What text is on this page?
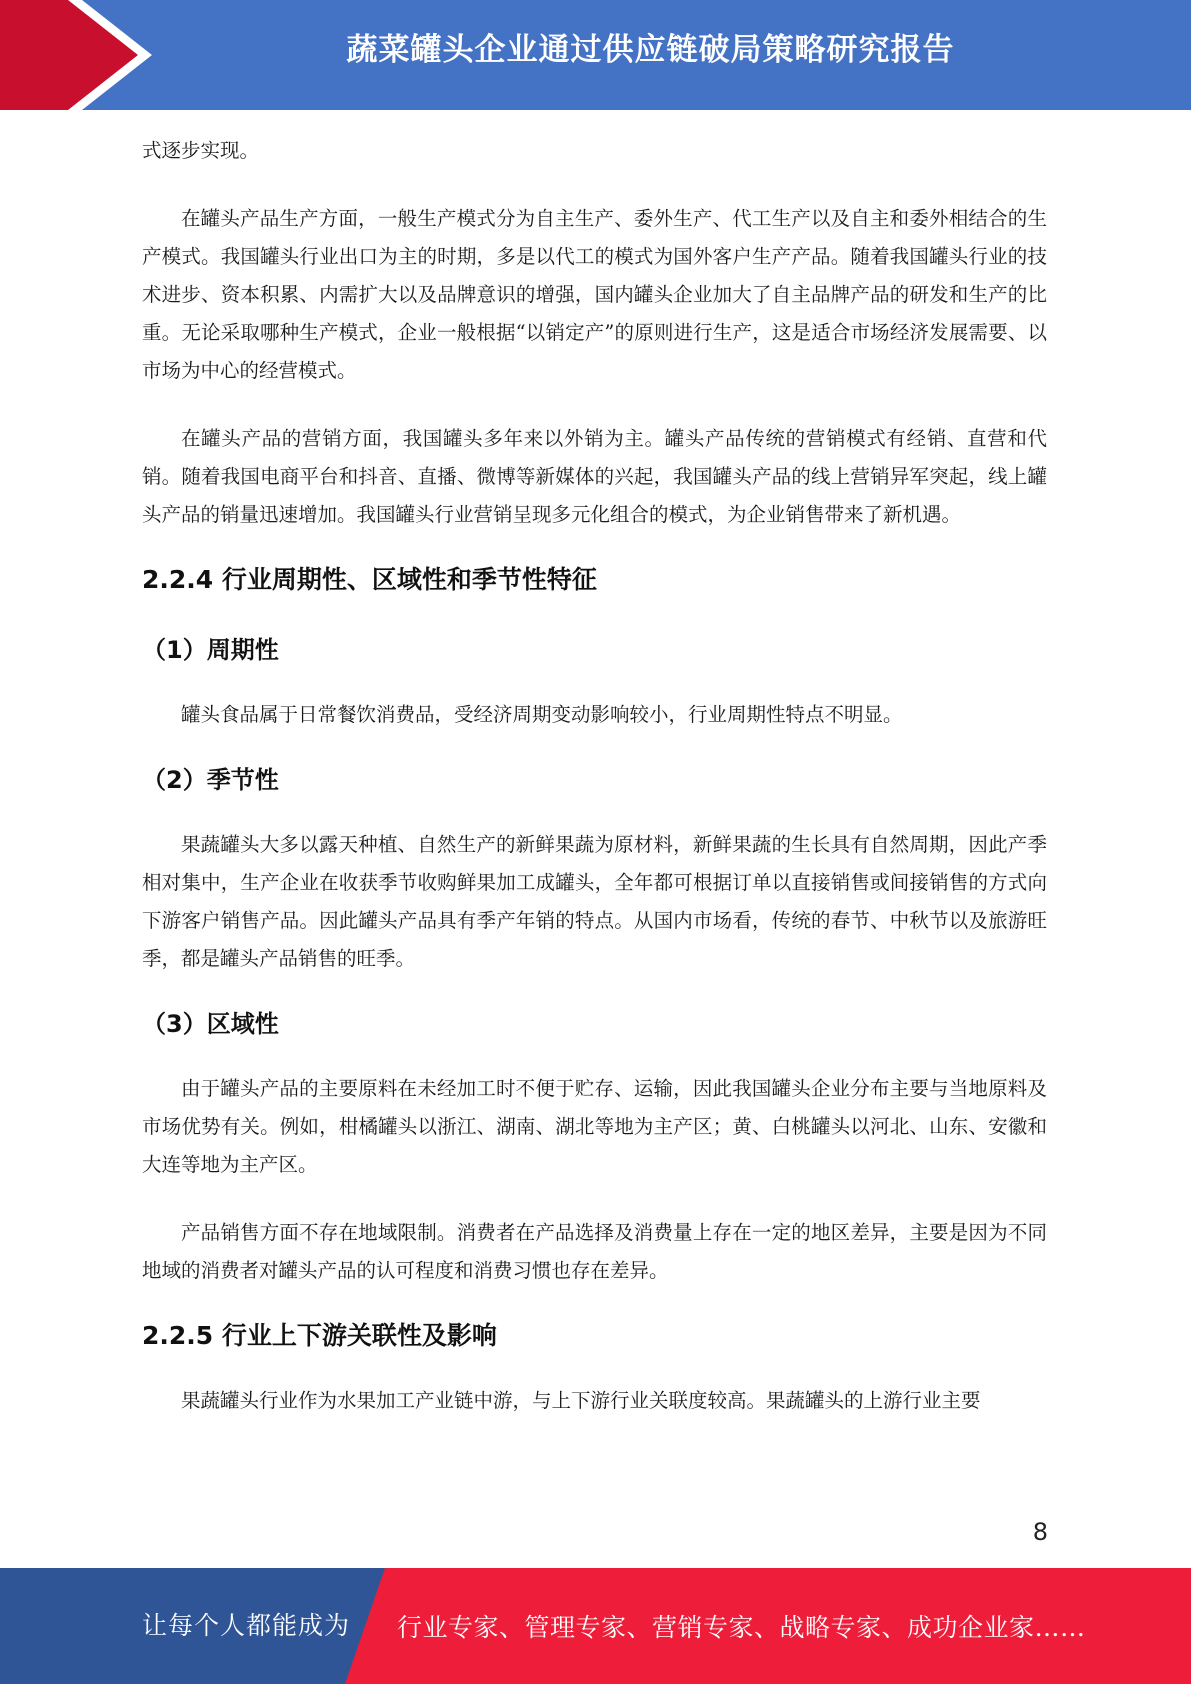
蔬菜罐头企业通过供应链破局策略研究报告

式逐步实现。

在罐头产品生产方面，一般生产模式分为自主生产、委外生产、代工生产以及自主和委外相结合的生产模式。我国罐头行业出口为主的时期，多是以代工的模式为国外客户生产产品。随着我国罐头行业的技术进步、资本积累、内需扩大以及品牌意识的增强，国内罐头企业加大了自主品牌产品的研发和生产的比重。无论采取哪种生产模式，企业一般根据“以销定产”的原则进行生产，这是适合市场经济发展需要、以市场为中心的经营模式。

在罐头产品的营销方面，我国罐头多年来以外销为主。罐头产品传统的营销模式有经销、直营和代销。随着我国电商平台和抖音、直播、微博等新媒体的兴起，我国罐头产品的线上营销异军突起，线上罐头产品的销量迅速增加。我国罐头行业营销呈现多元化组合的模式，为企业销售带来了新机遇。

2.2.4 行业周期性、区域性和季节性特征
（1）周期性

罐头食品属于日常餐饮消费品，受经济周期变动影响较小，行业周期性特点不明显。

（2）季节性

果蔬罐头大多以露天种植、自然生产的新鲜果蔬为原材料，新鲜果蔬的生长具有自然周期，因此产季相对集中，生产企业在收获季节收购鲜果加工成罐头，全年都可根据订单以直接销售或间接销售的方式向下游客户销售产品。因此罐头产品具有季产年销的特点。从国内市场看，传统的春节、中秋节以及旅游旺季，都是罐头产品销售的旺季。

（3）区域性

由于罐头产品的主要原料在未经加工时不便于贮存、运输，因此我国罐头企业分布主要与当地原料及市场优势有关。例如，柑橘罐头以浙江、湖南、湖北等地为主产区；黄、白桃罐头以河北、山东、安徽和大连等地为主产区。

产品销售方面不存在地域限制。消费者在产品选择及消费量上存在一定的地区差异，主要是因为不同地域的消费者对罐头产品的认可程度和消费习惯也存在差异。

2.2.5 行业上下游关联性及影响

果蔬罐头行业作为水果加工产业链中游，与上下游行业关联度较高。果蔬罐头的上游行业主要

8
让每个人都能成为 行业专家、管理专家、营销专家、战略专家、成功企业家……
